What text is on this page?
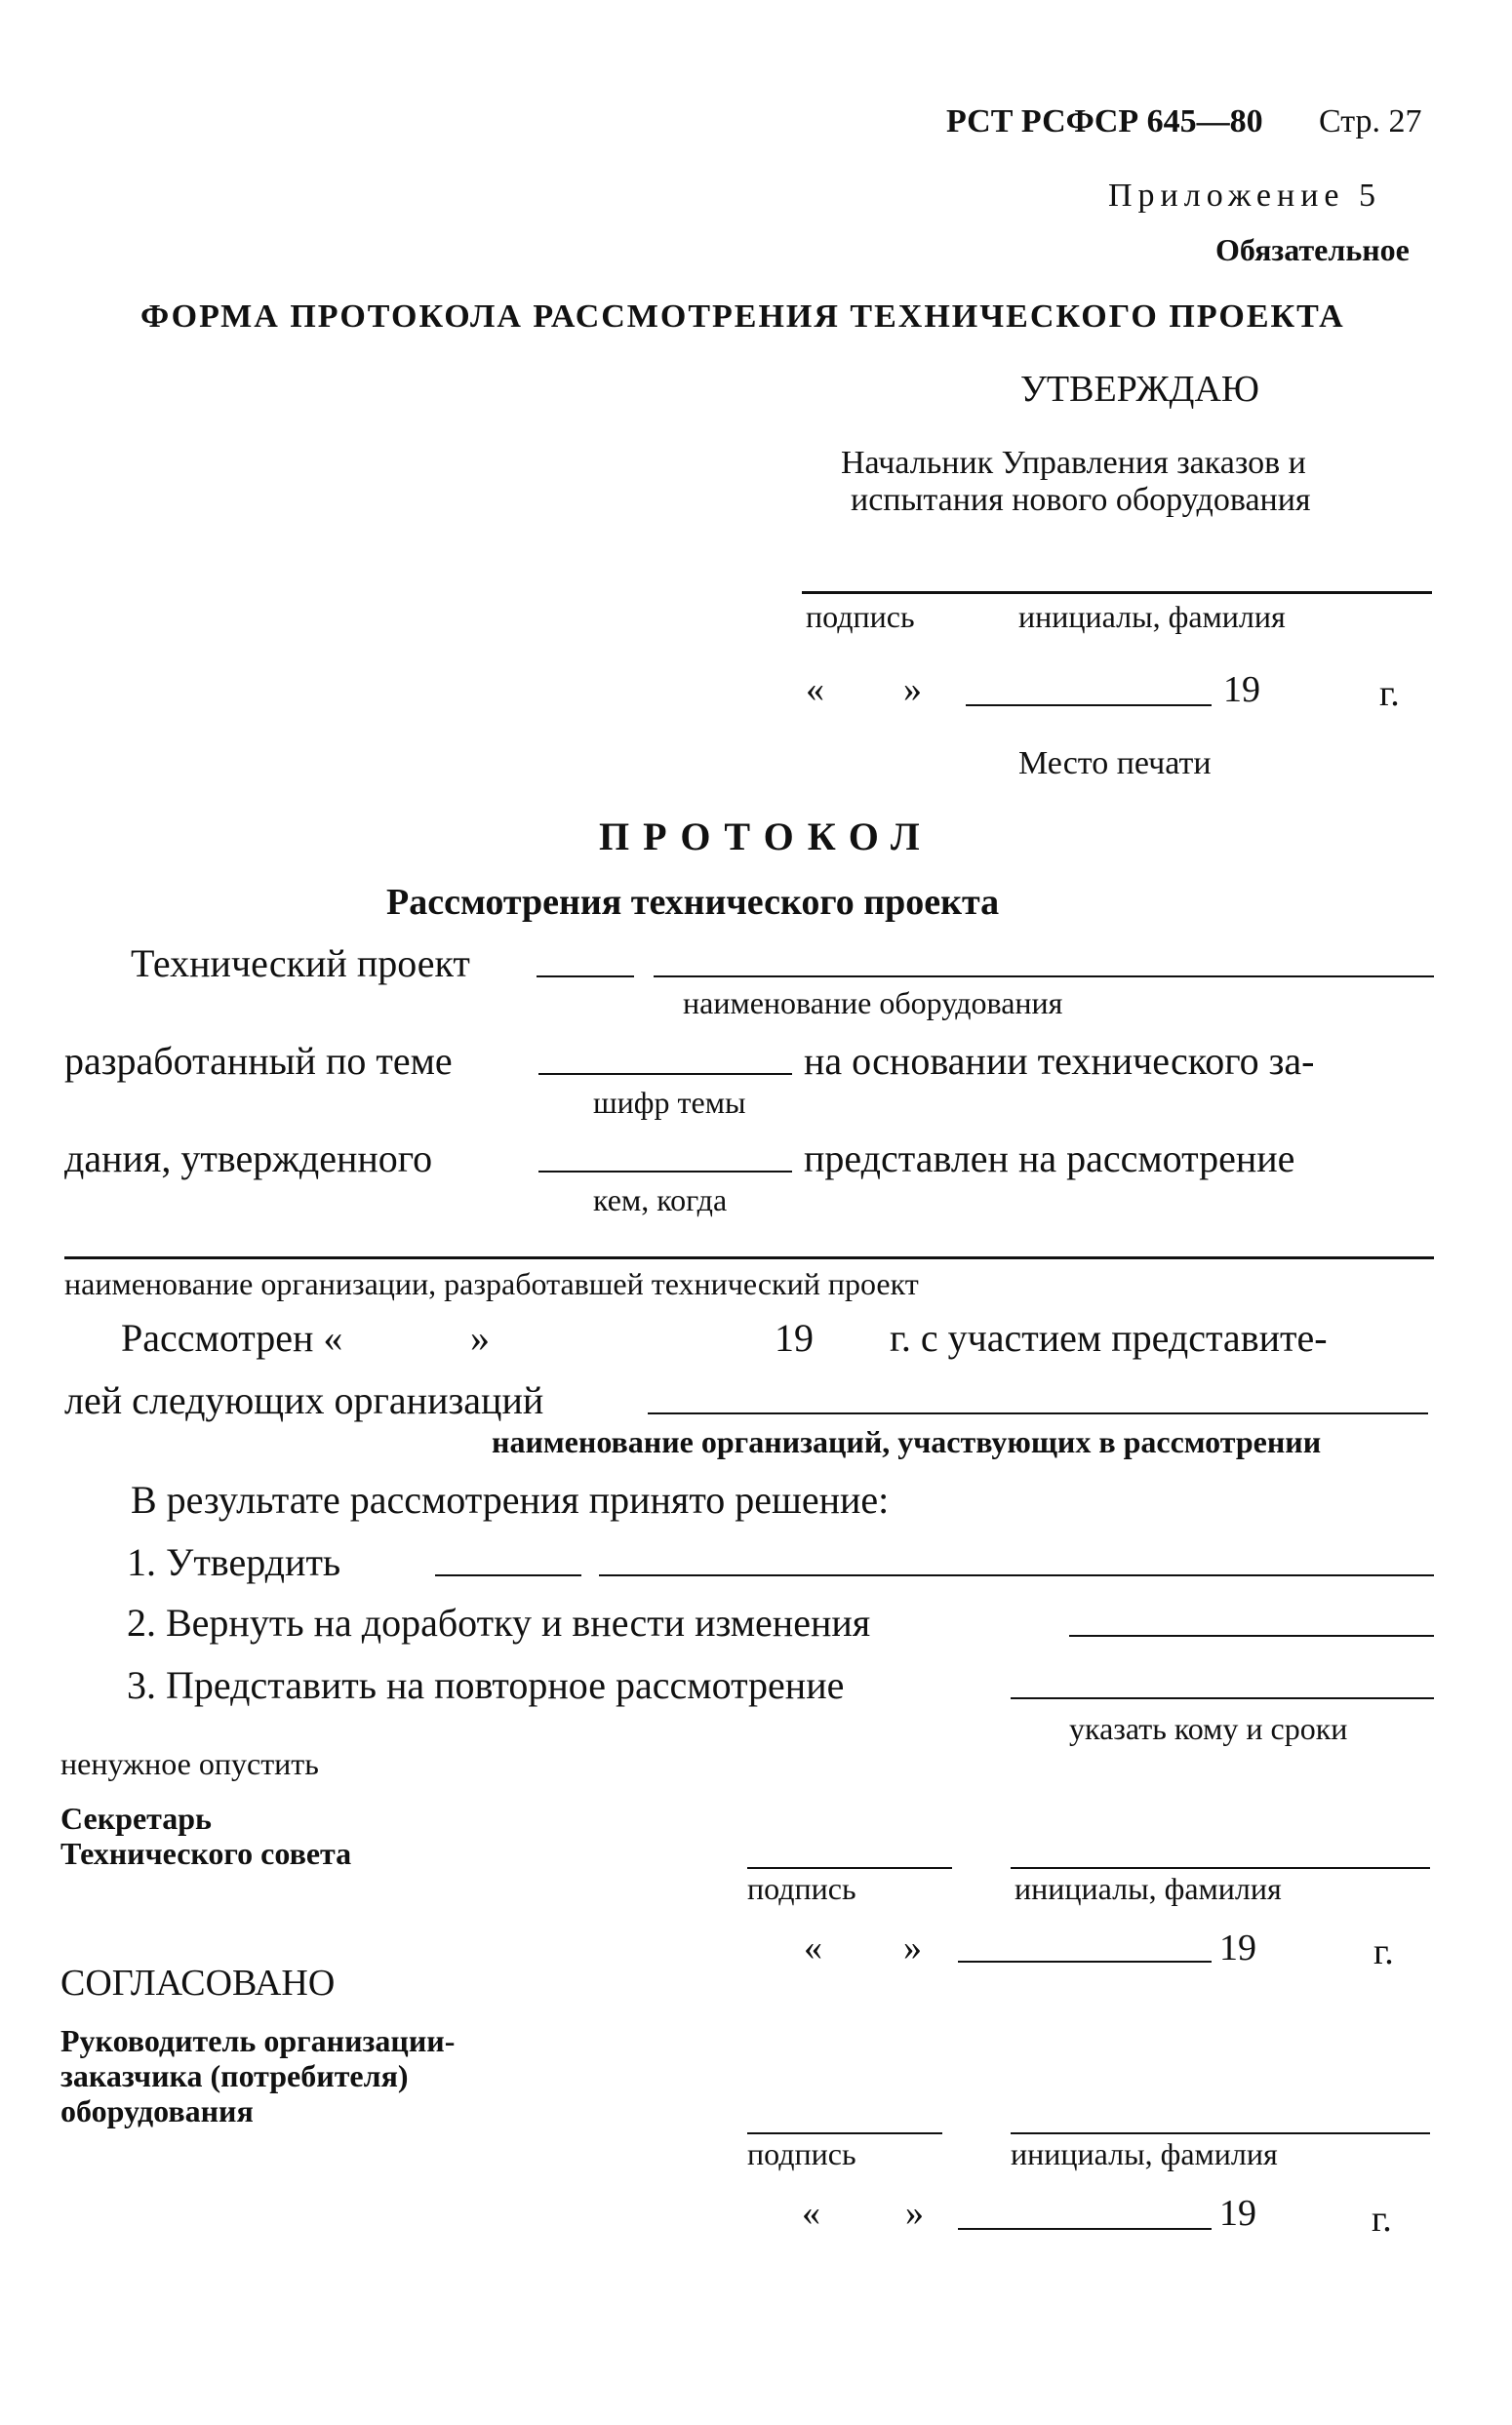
РСТ РСФСР 645—80 Стр. 27
Приложение 5
Обязательное
ФОРМА ПРОТОКОЛА РАССМОТРЕНИЯ ТЕХНИЧЕСКОГО ПРОЕКТА
УТВЕРЖДАЮ
Начальник Управления заказов и
испытания нового оборудования
подпись	инициалы, фамилия
« »	19	г.
Место печати
ПРОТОКОЛ
Рассмотрения технического проекта
Технический проект
наименование оборудования
разработанный по теме	на основании технического за-
шифр темы
дания, утвержденного	представлен на рассмотрение
кем, когда
наименование организации, разработавшей технический проект
Рассмотрен «	»	19 г. с участием представите-
лей следующих организаций
наименование организаций, участвующих в рассмотрении
В результате рассмотрения принято решение:
1. Утвердить
2. Вернуть на доработку и внести изменения
3. Представить на повторное рассмотрение
указать кому и сроки
ненужное опустить
Секретарь
Технического совета
подпись	инициалы, фамилия
« »	19	г.
СОГЛАСОВАНО
Руководитель организации-
заказчика (потребителя)
оборудования
подпись	инициалы, фамилия
« »	19	г.
